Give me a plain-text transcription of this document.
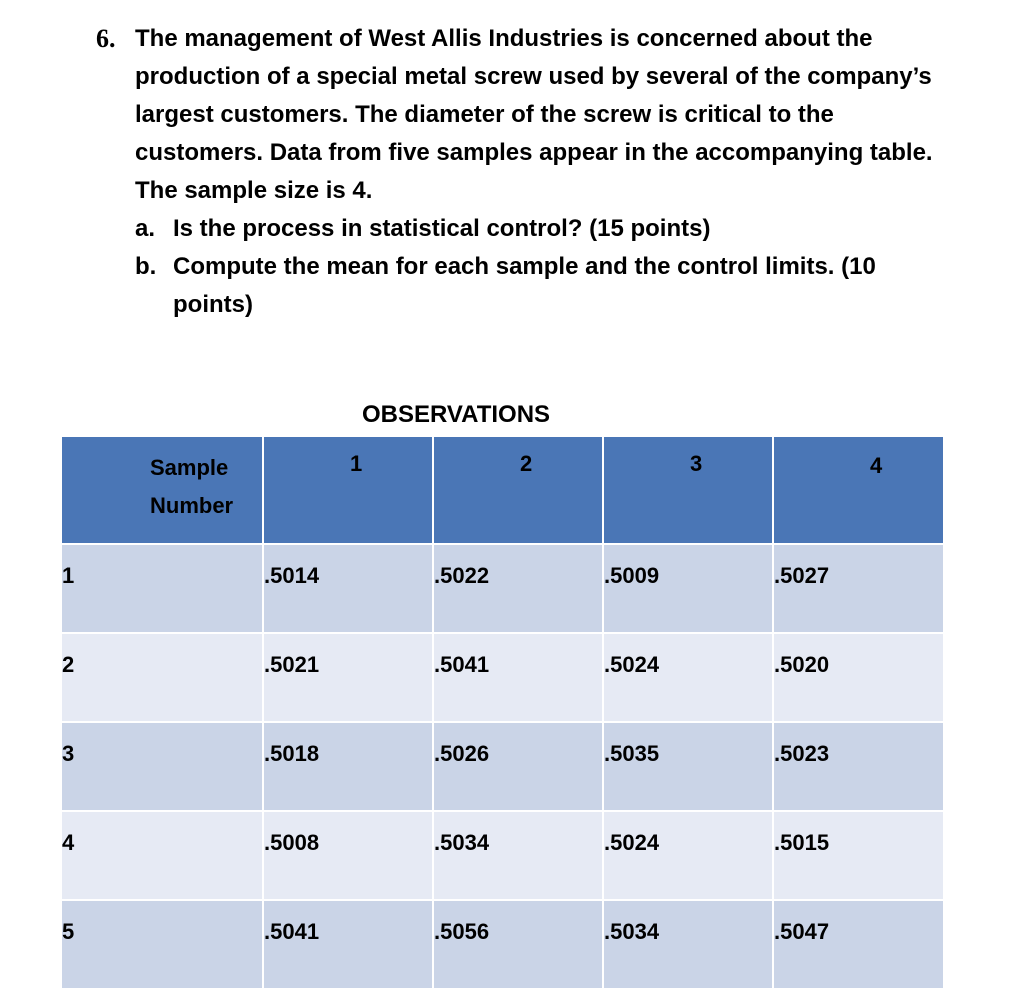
6. The management of West Allis Industries is concerned about the production of a special metal screw used by several of the company’s largest customers. The diameter of the screw is critical to the customers. Data from five samples appear in the accompanying table. The sample size is 4.

a. Is the process in statistical control? (15 points)
b. Compute the mean for each sample and the control limits. (10 points)
OBSERVATIONS
Sample Number	1	2	3	4
1	.5014	.5022	.5009	.5027
2	.5021	.5041	.5024	.5020
3	.5018	.5026	.5035	.5023
4	.5008	.5034	.5024	.5015
5	.5041	.5056	.5034	.5047
